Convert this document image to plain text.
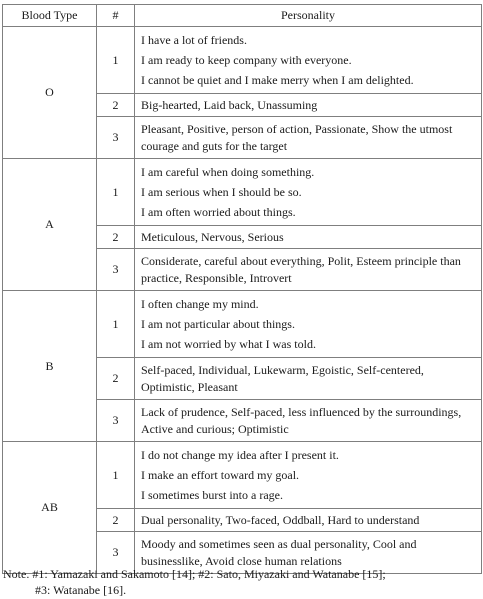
Blood Type	#	Personality
O	1	I have a lot of friends.
I am ready to keep company with everyone.
I cannot be quiet and I make merry when I am delighted.

	2	Big-hearted, Laid back, Unassuming
	3	Pleasant, Positive, person of action, Passionate, Show the utmost courage and guts for the target
A	1	I am careful when doing something.
I am serious when I should be so.
I am often worried about things.

	2	Meticulous, Nervous, Serious
	3	Considerate, careful about everything, Polit, Esteem principle than practice, Responsible, Introvert
B	1	I often change my mind.
I am not particular about things.
I am not worried by what I was told.

	2	Self-paced, Individual, Lukewarm, Egoistic, Self-centered, Optimistic, Pleasant
	3	Lack of prudence, Self-paced, less influenced by the surroundings, Active and curious; Optimistic
AB	1	I do not change my idea after I present it.
I make an effort toward my goal.
I sometimes burst into a rage.

	2	Dual personality, Two-faced, Oddball, Hard to understand
	3	Moody and sometimes seen as dual personality, Cool and businesslike, Avoid close human relations
Note. #1: Yamazaki and Sakamoto [14]; #2: Sato, Miyazaki and Watanabe [15];
#3: Watanabe [16].
